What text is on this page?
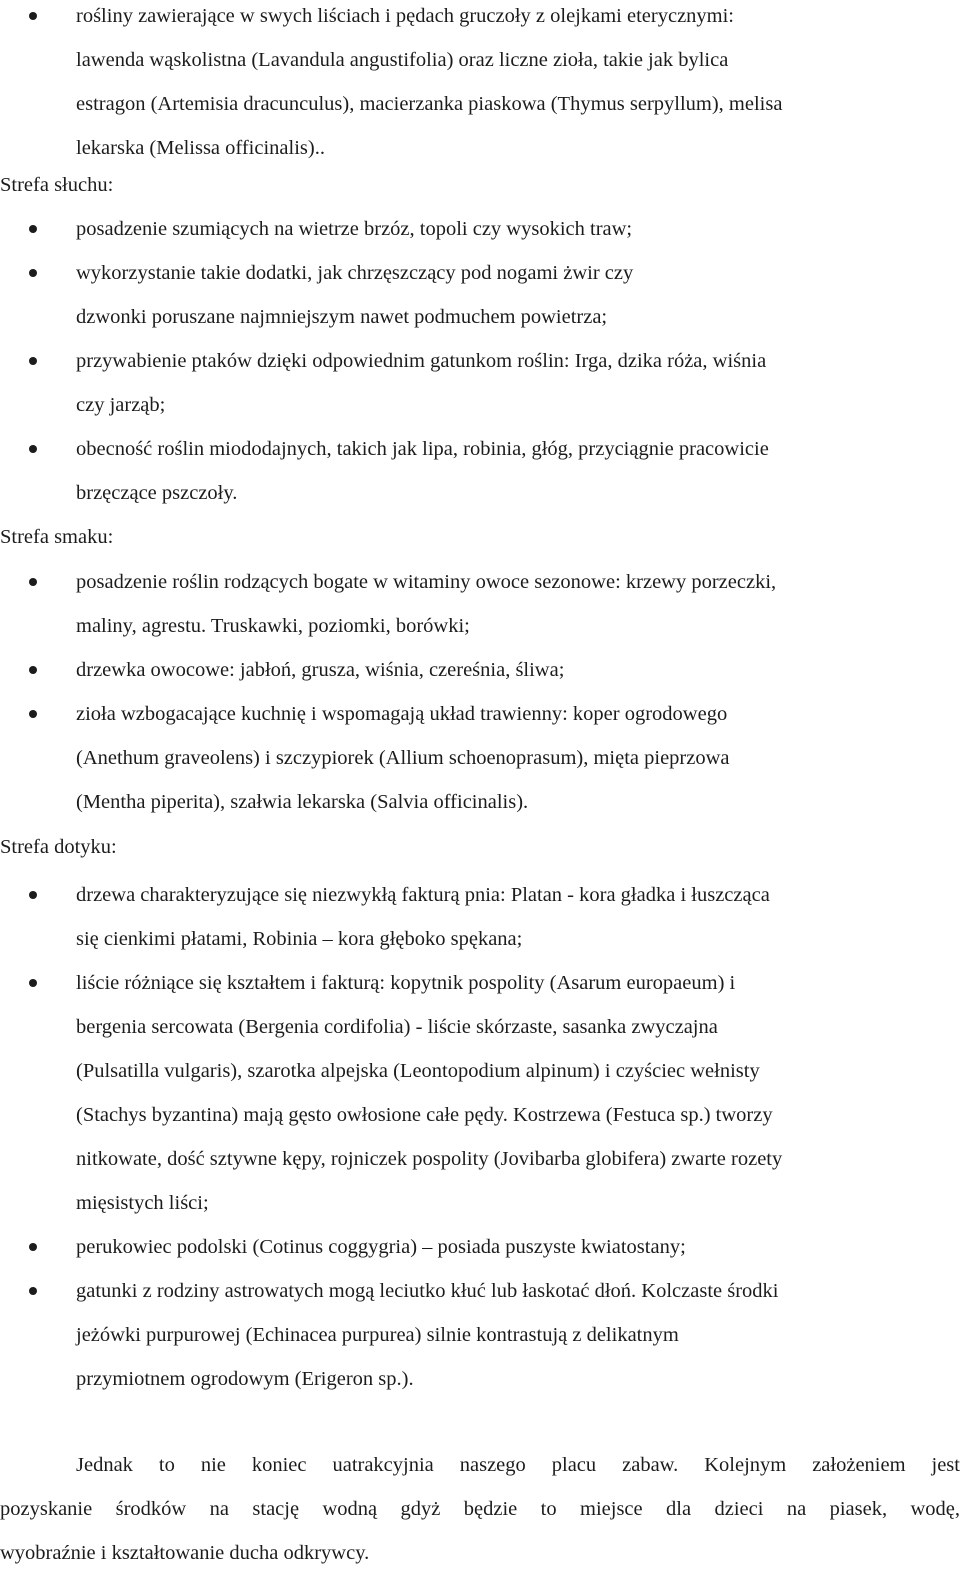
rośliny zawierające w swych liściach i pędach gruczoły z olejkami eterycznymi:
lawenda wąskolistna (Lavandula angustifolia) oraz liczne zioła, takie jak bylica
estragon (Artemisia dracunculus), macierzanka piaskowa (Thymus serpyllum), melisa
lekarska (Melissa officinalis)..
Strefa słuchu:
posadzenie szumiących na wietrze brzóz, topoli czy wysokich traw;
wykorzystanie takie dodatki, jak chrzęszczący pod nogami żwir czy
dzwonki poruszane najmniejszym nawet podmuchem powietrza;
przywabienie ptaków dzięki odpowiednim gatunkom roślin: Irga, dzika róża, wiśnia
czy jarząb;
obecność roślin miododajnych, takich jak lipa, robinia, głóg, przyciągnie pracowicie
brzęczące pszczoły.
Strefa smaku:
posadzenie roślin rodzących bogate w witaminy owoce sezonowe: krzewy porzeczki,
maliny, agrestu. Truskawki, poziomki, borówki;
drzewka owocowe: jabłoń, grusza, wiśnia, czereśnia, śliwa;
zioła wzbogacające kuchnię i wspomagają układ trawienny: koper ogrodowego
(Anethum graveolens) i szczypiorek (Allium schoenoprasum), mięta pieprzowa
(Mentha piperita), szałwia lekarska (Salvia officinalis).
Strefa dotyku:
drzewa charakteryzujące się niezwykłą fakturą pnia: Platan - kora gładka i łuszcząca
się cienkimi płatami, Robinia – kora głęboko spękana;
liście różniące się kształtem i fakturą: kopytnik pospolity (Asarum europaeum) i
bergenia sercowata (Bergenia cordifolia) - liście skórzaste, sasanka zwyczajna
(Pulsatilla vulgaris), szarotka alpejska (Leontopodium alpinum) i czyściec wełnisty
(Stachys byzantina) mają gęsto owłosione całe pędy. Kostrzewa (Festuca sp.) tworzy
nitkowate, dość sztywne kępy, rojniczek pospolity (Jovibarba globifera) zwarte rozety
mięsistych liści;
perukowiec podolski (Cotinus coggygria) – posiada puszyste kwiatostany;
gatunki z rodziny astrowatych mogą leciutko kłuć lub łaskotać dłoń. Kolczaste środki
jeżówki purpurowej (Echinacea purpurea) silnie kontrastują z delikatnym
przymiotnem ogrodowym (Erigeron sp.).
Jednak to nie koniec uatrakcyjnia naszego placu zabaw. Kolejnym założeniem jest
pozyskanie środków na stację wodną gdyż będzie to miejsce dla dzieci na piasek, wodę,
wyobraźnie i kształtowanie ducha odkrywcy.
